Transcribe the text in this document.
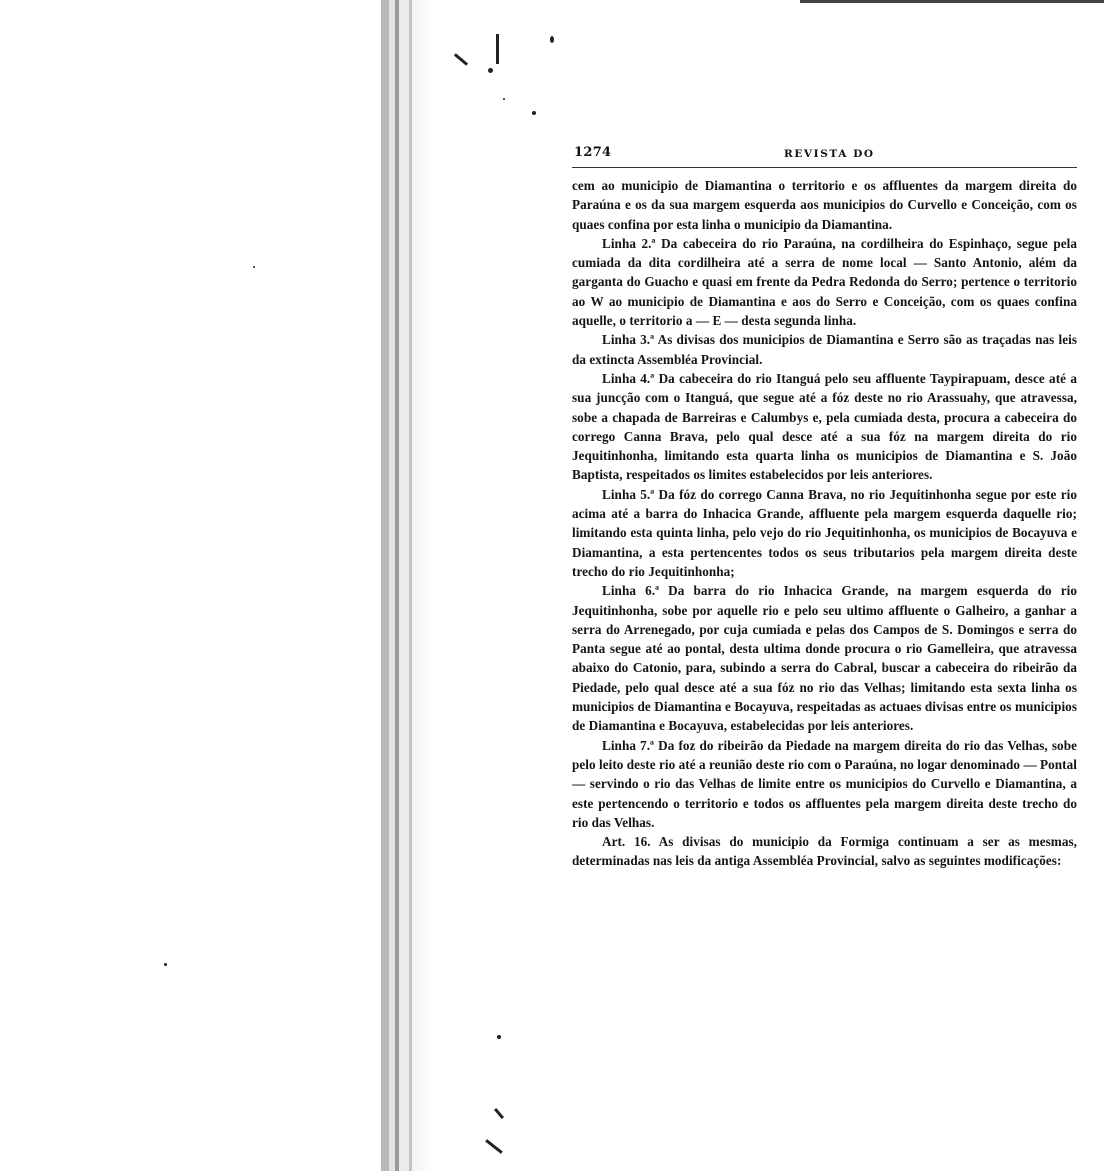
1274	REVISTA DO

cem ao municipio de Diamantina o territorio e os affluentes da margem direita do Paraúna e os da sua margem esquerda aos municipios do Curvello e Conceição, com os quaes confina por esta linha o municipio da Diamantina.

Linha 2.ª Da cabeceira do rio Paraúna, na cordilheira do Espinhaço, segue pela cumiada da dita cordilheira até a serra de nome local — Santo Antonio, além da garganta do Guacho e quasi em frente da Pedra Redonda do Serro; pertence o territorio ao W ao municipio de Diamantina e aos do Serro e Conceição, com os quaes confina aquelle, o territorio a — E — desta segunda linha.

Linha 3.ª As divisas dos municipios de Diamantina e Serro são as traçadas nas leis da extincta Assembléa Provincial.

Linha 4.ª Da cabeceira do rio Itanguá pelo seu affluente Taypirapuam, desce até a sua juncção com o Itanguá, que segue até a fóz deste no rio Arassuahy, que atravessa, sobe a chapada de Barreiras e Calumbys e, pela cumiada desta, procura a cabeceira do corrego Canna Brava, pelo qual desce até a sua fóz na margem direita do rio Jequitinhonha, limitando esta quarta linha os municipios de Diamantina e S. João Baptista, respeitados os limites estabelecidos por leis anteriores.

Linha 5.ª Da fóz do corrego Canna Brava, no rio Jequitinhonha segue por este rio acima até a barra do Inhacica Grande, affluente pela margem esquerda daquelle rio; limitando esta quinta linha, pelo vejo do rio Jequitinhonha, os municipios de Bocayuva e Diamantina, a esta pertencentes todos os seus tributarios pela margem direita deste trecho do rio Jequitinhonha;

Linha 6.ª Da barra do rio Inhacica Grande, na margem esquerda do rio Jequitinhonha, sobe por aquelle rio e pelo seu ultimo affluente o Galheiro, a ganhar a serra do Arrenegado, por cuja cumiada e pelas dos Campos de S. Domingos e serra do Panta segue até ao pontal, desta ultima donde procura o rio Gamelleira, que atravessa abaixo do Catonio, para, subindo a serra do Cabral, buscar a cabeceira do ribeirão da Piedade, pelo qual desce até a sua fóz no rio das Velhas; limitando esta sexta linha os municipios de Diamantina e Bocayuva, respeitadas as actuaes divisas entre os municipios de Diamantina e Bocayuva, estabelecidas por leis anteriores.

Linha 7.ª Da foz do ribeirão da Piedade na margem direita do rio das Velhas, sobe pelo leito deste rio até a reunião deste rio com o Paraúna, no logar denominado — Pontal — servindo o rio das Velhas de limite entre os municipios do Curvello e Diamantina, a este pertencendo o territorio e todos os affluentes pela margem direita deste trecho do rio das Velhas.

Art. 16. As divisas do municipio da Formiga continuam a ser as mesmas, determinadas nas leis da antiga Assembléa Provincial, salvo as seguintes modificações:
